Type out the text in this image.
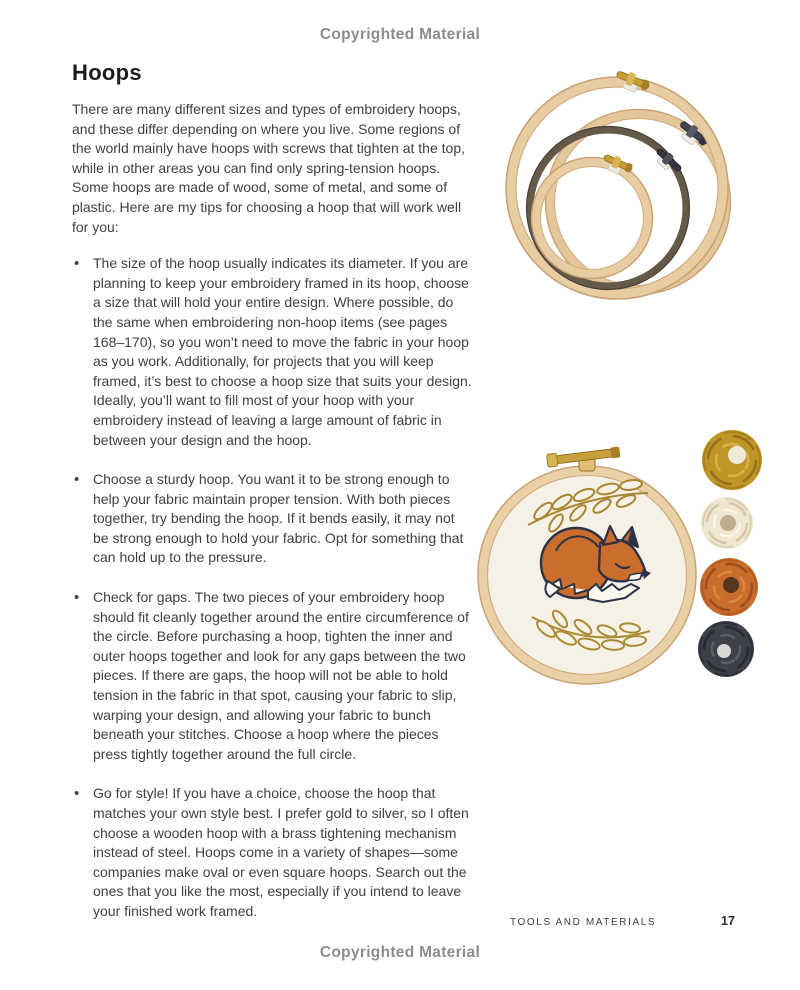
Copyrighted Material
Hoops

There are many different sizes and types of embroidery hoops, and these differ depending on where you live. Some regions of the world mainly have hoops with screws that tighten at the top, while in other areas you can find only spring-tension hoops. Some hoops are made of wood, some of metal, and some of plastic. Here are my tips for choosing a hoop that will work well for you:

• The size of the hoop usually indicates its diameter. If you are planning to keep your embroidery framed in its hoop, choose a size that will hold your entire design. Where possible, do the same when embroidering non-hoop items (see pages 168–170), so you won’t need to move the fabric in your hoop as you work. Additionally, for projects that you will keep framed, it’s best to choose a hoop size that suits your design. Ideally, you’ll want to fill most of your hoop with your embroidery instead of leaving a large amount of fabric in between your design and the hoop.
• Choose a sturdy hoop. You want it to be strong enough to help your fabric maintain proper tension. With both pieces together, try bending the hoop. If it bends easily, it may not be strong enough to hold your fabric. Opt for something that can hold up to the pressure.
• Check for gaps. The two pieces of your embroidery hoop should fit cleanly together around the entire circumference of the circle. Before purchasing a hoop, tighten the inner and outer hoops together and look for any gaps between the two pieces. If there are gaps, the hoop will not be able to hold tension in the fabric in that spot, causing your fabric to slip, warping your design, and allowing your fabric to bunch beneath your stitches. Choose a hoop where the pieces press tightly together around the full circle.
• Go for style! If you have a choice, choose the hoop that matches your own style best. I prefer gold to silver, so I often choose a wooden hoop with a brass tightening mechanism instead of steel. Hoops come in a variety of shapes—some companies make oval or even square hoops. Search out the ones that you like the most, especially if you intend to leave your finished work framed.
TOOLS AND MATERIALS	17
Copyrighted Material
